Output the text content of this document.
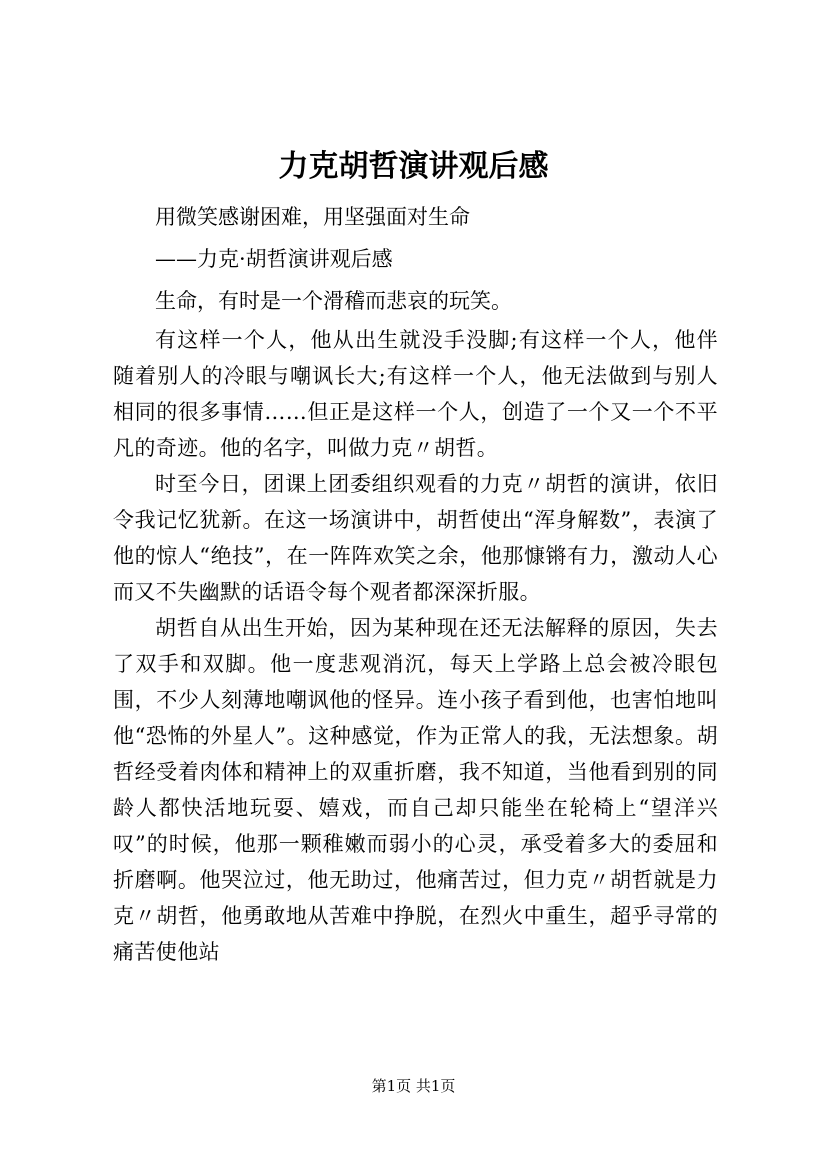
力克胡哲演讲观后感

用微笑感谢困难，用坚强面对生命

——力克·胡哲演讲观后感

生命，有时是一个滑稽而悲哀的玩笑。

有这样一个人，他从出生就没手没脚;有这样一个人，他伴随着别人的冷眼与嘲讽长大;有这样一个人，他无法做到与别人相同的很多事情……但正是这样一个人，创造了一个又一个不平凡的奇迹。他的名字，叫做力克〃胡哲。

时至今日，团课上团委组织观看的力克〃胡哲的演讲，依旧令我记忆犹新。在这一场演讲中，胡哲使出“浑身解数”，表演了他的惊人“绝技”，在一阵阵欢笑之余，他那慷锵有力，激动人心而又不失幽默的话语令每个观者都深深折服。

胡哲自从出生开始，因为某种现在还无法解释的原因，失去了双手和双脚。他一度悲观消沉，每天上学路上总会被冷眼包围，不少人刻薄地嘲讽他的怪异。连小孩子看到他，也害怕地叫他“恐怖的外星人”。这种感觉，作为正常人的我，无法想象。胡哲经受着肉体和精神上的双重折磨，我不知道，当他看到别的同龄人都快活地玩耍、嬉戏，而自己却只能坐在轮椅上“望洋兴叹”的时候，他那一颗稚嫩而弱小的心灵，承受着多大的委屈和折磨啊。他哭泣过，他无助过，他痛苦过，但力克〃胡哲就是力克〃胡哲，他勇敢地从苦难中挣脱，在烈火中重生，超乎寻常的痛苦使他站

第1页 共1页
